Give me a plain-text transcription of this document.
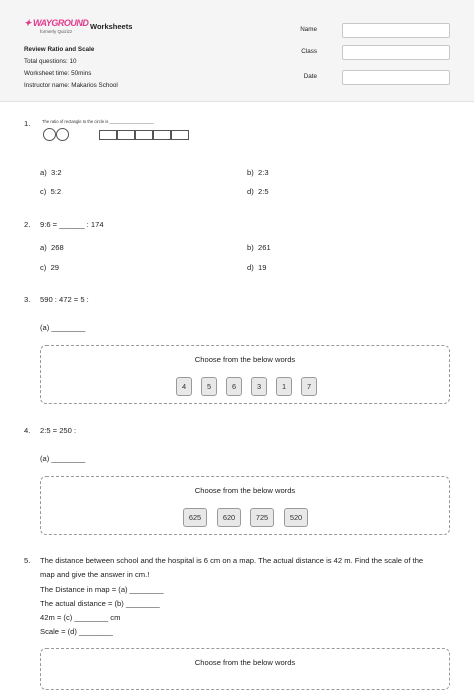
✦ WAYGROUND
formerly Quizizz
Worksheets
Review Ratio and Scale
Total questions: 10
Worksheet time: 50mins
Instructor name: Makarios School
Name
Class
Date
1.	The ratio of rectangle to the circle is ___________________
a) 3:2	b) 2:3
c) 5:2	d) 2:5
2. 9:6 = ______ : 174
a) 268	b) 261
c) 29	d) 19
3. 590 : 472 = 5 :
(a) ________
Choose from the below words
4	5	6	3	1	7
4. 2:5 = 250 :
(a) ________
Choose from the below words
625	620	725	520
5. The distance between school and the hospital is 6 cm on a map. The actual distance is 42 m. Find the scale of the
map and give the answer in cm.!
The Distance in map = (a) ________
The actual distance = (b) ________
42m = (c) ________ cm
Scale = (d) ________
Choose from the below words
